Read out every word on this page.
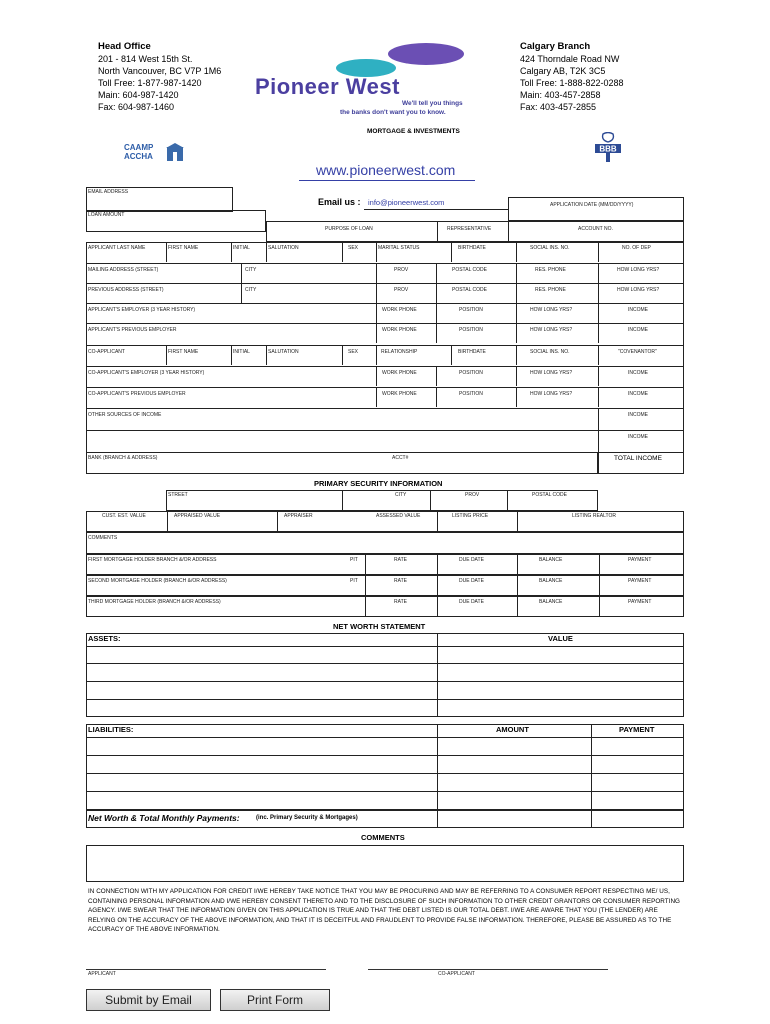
Head Office
201 - 814 West 15th St.
North Vancouver, BC V7P 1M6
Toll Free: 1-877-987-1420
Main: 604-987-1420
Fax: 604-987-1460
Calgary Branch
424 Thorndale Road NW
Calgary AB, T2K 3C5
Toll Free: 1-888-822-0288
Main: 403-457-2858
Fax: 403-457-2855
Pioneer West
We'll tell you things
the banks don't want you to know.
MORTGAGE & INVESTMENTS
CAAMP
ACCHA
BBB
www.pioneerwest.com
EMAIL ADDRESS
Email us : info@pioneerwest.com	APPLICATION DATE (MM/DD/YYYY)
LOAN AMOUNT
PURPOSE OF LOAN	REPRESENTATIVE	ACCOUNT NO.
APPLICANT LAST NAME	FIRST NAME	INITIAL	SALUTATION	SEX	MARITAL STATUS	BIRTHDATE	SOCIAL INS. NO.	NO. OF DEP
MAILING ADDRESS (STREET)	CITY	PROV	POSTAL CODE	RES. PHONE	HOW LONG YRS?
PREVIOUS ADDRESS (STREET)	CITY	PROV	POSTAL CODE	RES. PHONE	HOW LONG YRS?
APPLICANT'S EMPLOYER (3 YEAR HISTORY)	WORK PHONE	POSITION	HOW LONG YRS?	INCOME
APPLICANT'S PREVIOUS EMPLOYER	WORK PHONE	POSITION	HOW LONG YRS?	INCOME
CO-APPLICANT	FIRST NAME	INITIAL	SALUTATION	SEX	RELATIONSHIP	BIRTHDATE	SOCIAL INS. NO.	"COVENANTOR"
CO-APPLICANT'S EMPLOYER (3 YEAR HISTORY)	WORK PHONE	POSITION	HOW LONG YRS?	INCOME
CO-APPLICANT'S PREVIOUS EMPLOYER	WORK PHONE	POSITION	HOW LONG YRS?	INCOME
OTHER SOURCES OF INCOME	INCOME
INCOME
BANK (BRANCH & ADDRESS)	ACCT#	TOTAL INCOME
PRIMARY SECURITY INFORMATION
STREET	CITY	PROV	POSTAL CODE
CUST. EST. VALUE	APPRAISED VALUE	APPRAISER	ASSESSED VALUE	LISTING PRICE	LISTING REALTOR
COMMENTS
FIRST MORTGAGE HOLDER BRANCH &/OR ADDRESS	PIT	RATE	DUE DATE	BALANCE	PAYMENT
SECOND MORTGAGE HOLDER (BRANCH &/OR ADDRESS)	PIT	RATE	DUE DATE	BALANCE	PAYMENT
THIRD MORTGAGE HOLDER (BRANCH &/OR ADDRESS)	RATE	DUE DATE	BALANCE	PAYMENT
NET WORTH STATEMENT
ASSETS:	VALUE
LIABILITIES:	AMOUNT	PAYMENT
Net Worth & Total Monthly Payments:	(inc. Primary Security & Mortgages)
COMMENTS
IN CONNECTION WITH MY APPLICATION FOR CREDIT I/WE HEREBY TAKE NOTICE THAT YOU MAY BE PROCURING AND MAY BE REFERRING TO A CONSUMER REPORT RESPECTING ME/ US, CONTAINING PERSONAL INFORMATION AND I/WE HEREBY CONSENT THERETO AND TO THE DISCLOSURE OF SUCH INFORMATION TO OTHER CREDIT GRANTORS OR CONSUMER REPORTING AGENCY. I/WE SWEAR THAT THE INFORMATION GIVEN ON THIS APPLICATION IS TRUE AND THAT THE DEBT LISTED IS OUR TOTAL DEBT. I/WE ARE AWARE THAT YOU (THE LENDER) ARE RELYING ON THE ACCURACY OF THE ABOVE INFORMATION, AND THAT IT IS DECEITFUL AND FRAUDLENT TO PROVIDE FALSE INFORMATION. THEREFORE, PLEASE BE ASSURED AS TO THE ACCURACY OF THE ABOVE INFORMATION.
APPLICANT	CO-APPLICANT
Submit by Email	Print Form
